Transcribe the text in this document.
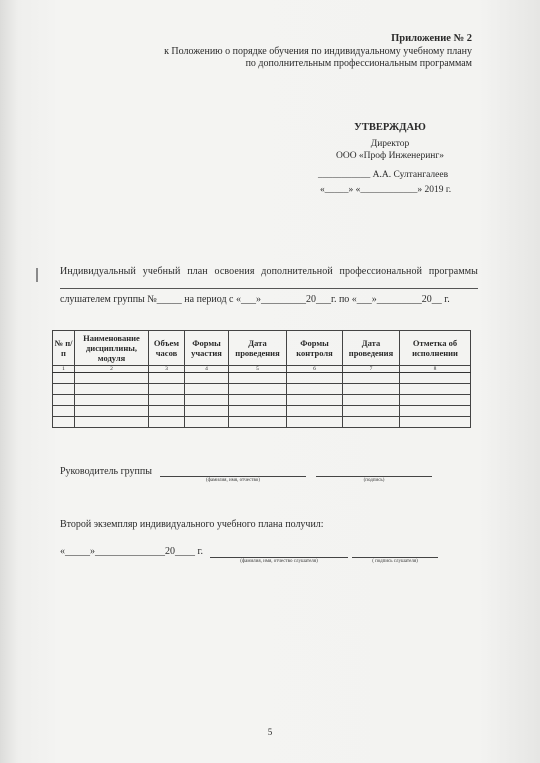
Приложение № 2
к Положению о порядке обучения по индивидуальному учебному плану
по дополнительным профессиональным программам
УТВЕРЖДАЮ
Директор
ООО «Проф Инженеринг»
___________ А.А. Султангалеев
«_____» «____________» 2019 г.
Индивидуальный учебный план освоения дополнительной профессиональной программы
слушателем группы №_____ на период с «___»_________20___г. по «___»_________20__ г.
№ п/п	Наименование дисциплины, модуля	Объем часов	Формы участия	Дата проведения	Формы контроля	Дата проведения	Отметка об исполнении
1	2	3	4	5	6	7	8

Руководитель группы
(фамилия, имя, отчество)	(подпись)
Второй экземпляр индивидуального учебного плана получил:
«_____»______________20____ г.
(фамилия, имя, отчество слушателя)	( подпись слушателя)
5
